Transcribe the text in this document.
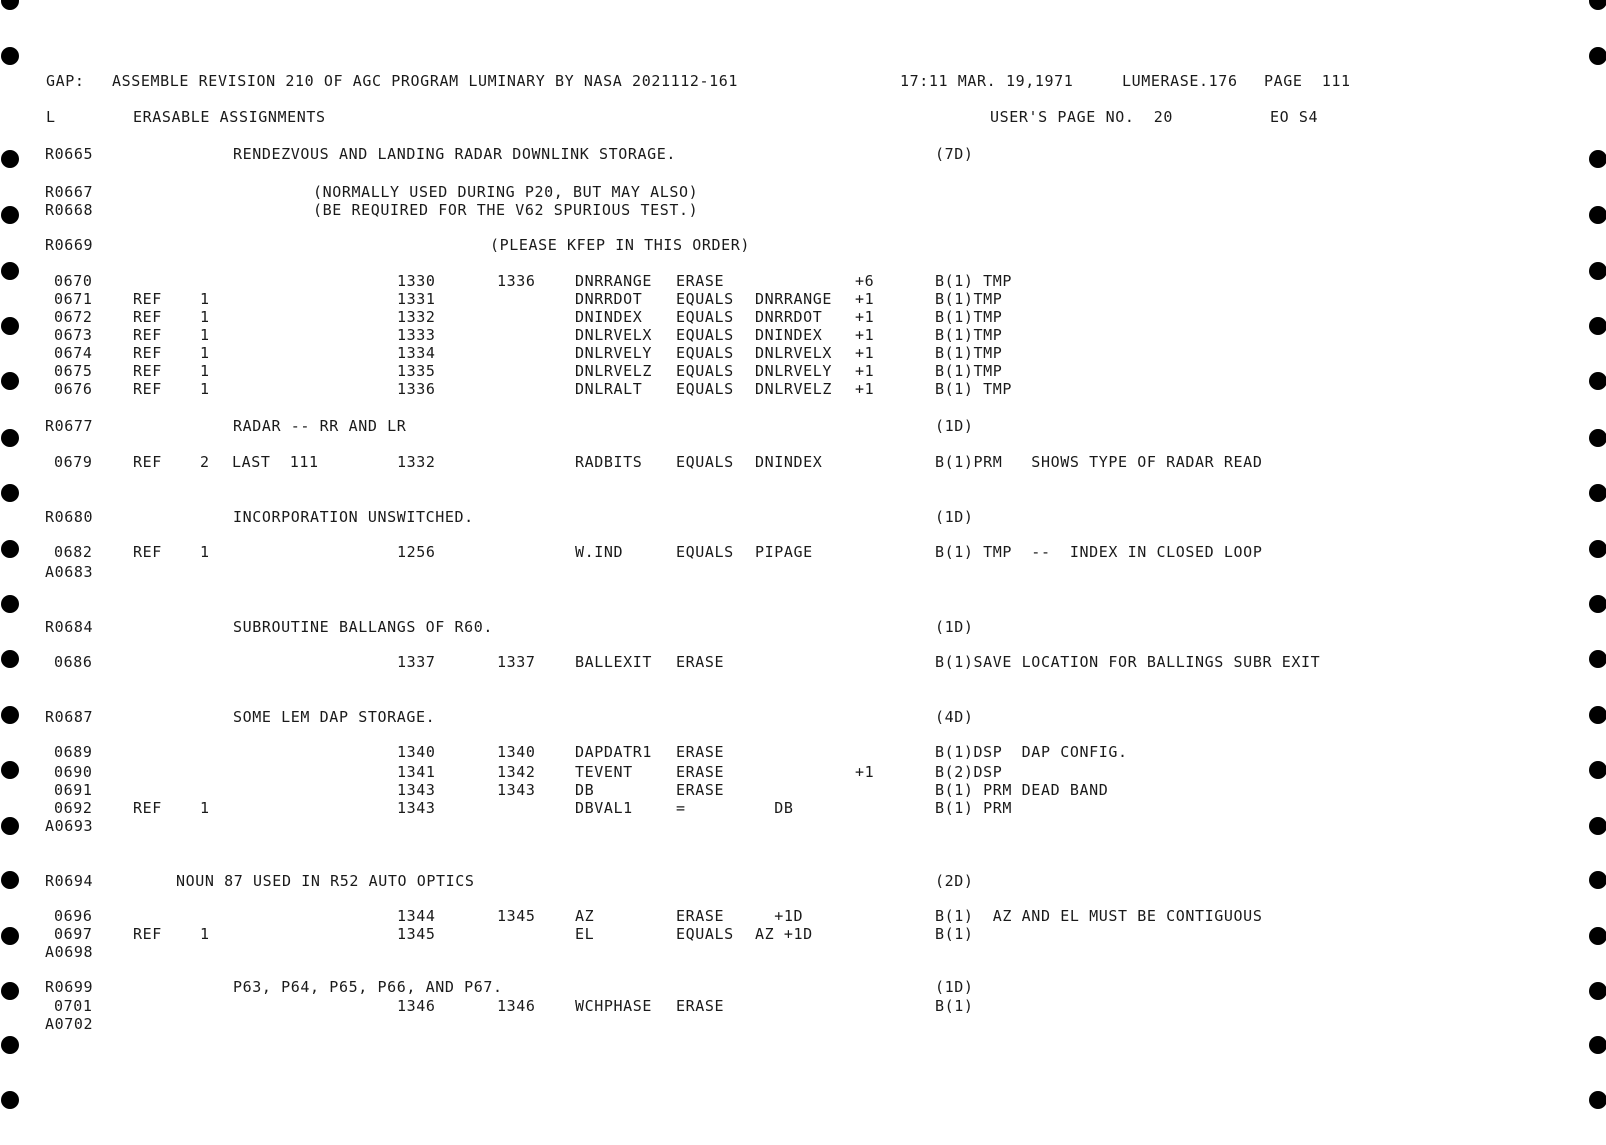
GAP: ASSEMBLE REVISION 210 OF AGC PROGRAM LUMINARY BY NASA 2021112-161	17:11 MAR. 19,1971	LUMERASE.176 PAGE  111
L	ERASABLE ASSIGNMENTS	USER'S PAGE NO.  20	EO S4
R0665	(7D)
RENDEZVOUS AND LANDING RADAR DOWNLINK STORAGE.
R0667	(NORMALLY USED DURING P20, BUT MAY ALSO)
R0668	(BE REQUIRED FOR THE V62 SPURIOUS TEST.)
R0669	(PLEASE KFEP IN THIS ORDER)
0670	1330	1336	DNRRANGE ERASE	+6	B(1) TMP
0671	REF	1	1331	DNRRDOT EQUALS DNRRANGE +1	B(1)TMP
0672	REF	1	1332	DNINDEX EQUALS DNRRDOT +1	B(1)TMP
0673	REF	1	1333	DNLRVELX EQUALS DNINDEX +1	B(1)TMP
0674	REF	1	1334	DNLRVELY EQUALS DNLRVELX +1	B(1)TMP
0675	REF	1	1335	DNLRVELZ EQUALS DNLRVELY +1	B(1)TMP
0676	REF	1	1336	DNLRALT EQUALS DNLRVELZ +1	B(1) TMP
R0677	(1D)
RADAR -- RR AND LR
0679	REF	2 LAST  111	1332	RADBITS EQUALS DNINDEX	B(1)PRM   SHOWS TYPE OF RADAR READ
R0680	(1D)
INCORPORATION UNSWITCHED.
0682	REF	1	1256	W.IND	EQUALS PIPAGE	B(1) TMP  --  INDEX IN CLOSED LOOP
A0683
R0684	(1D)
SUBROUTINE BALLANGS OF R60.
0686	1337	1337	BALLEXIT ERASE	B(1)SAVE LOCATION FOR BALLINGS SUBR EXIT
R0687	(4D)
SOME LEM DAP STORAGE.
0689	1340	1340	DAPDATR1 ERASE	B(1)DSP  DAP CONFIG.
0690	1341	1342	TEVENT	ERASE	+1	B(2)DSP
0691	1343	1343	DB	ERASE	B(1) PRM DEAD BAND
0692	REF	1	1343	DBVAL1	=	DB	B(1) PRM
A0693
R0694	(2D)
NOUN 87 USED IN R52 AUTO OPTICS
0696	1344	1345	AZ	ERASE +1D	B(1)  AZ AND EL MUST BE CONTIGUOUS
0697	REF	1	1345	EL	EQUALS AZ +1D	B(1)
A0698
R0699	(1D)
P63, P64, P65, P66, AND P67.
0701	1346	1346	WCHPHASE ERASE	B(1)
A0702
